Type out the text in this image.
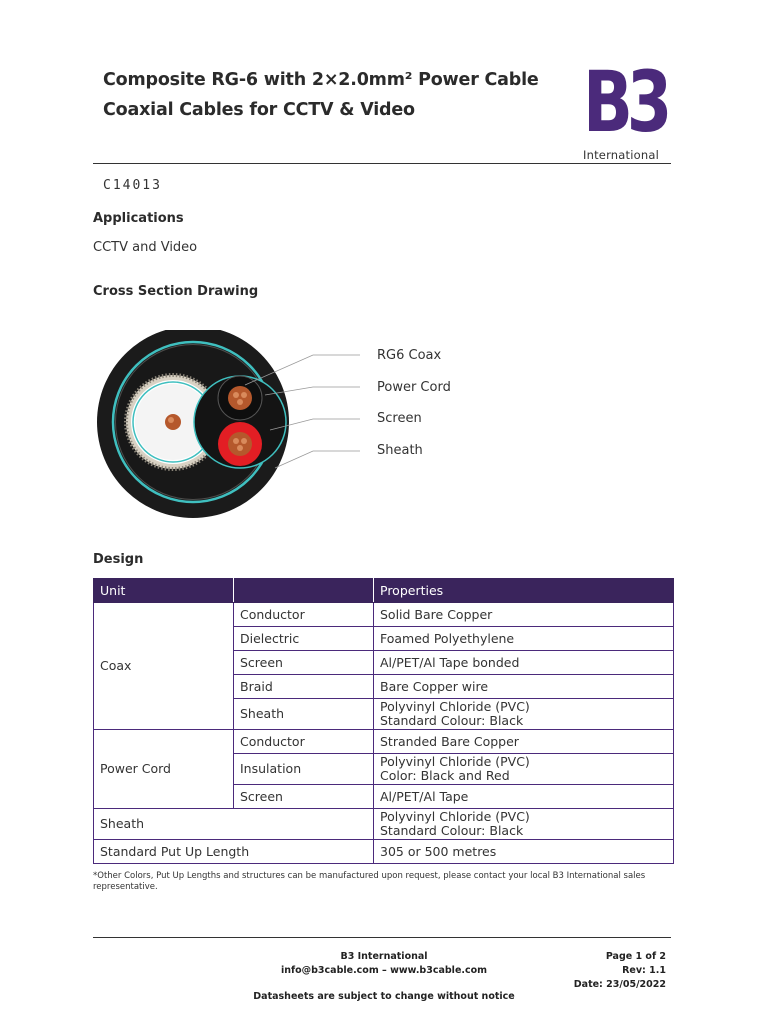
Composite RG-6 with 2×2.0mm² Power Cable
Coaxial Cables for CCTV & Video B3
International
C14013
Applications
CCTV and Video
Cross Section Drawing
RG6 Coax
Power Cord
Screen
Sheath
Design
Unit		Properties
Coax	Conductor	Solid Bare Copper
	Dielectric	Foamed Polyethylene
	Screen	Al/PET/Al Tape bonded
	Braid	Bare Copper wire
	Sheath	Polyvinyl Chloride (PVC)
Standard Colour: Black

Power Cord	Conductor	Stranded Bare Copper
	Insulation	Polyvinyl Chloride (PVC)
Color: Black and Red

	Screen	Al/PET/Al Tape
Sheath		Polyvinyl Chloride (PVC)
Standard Colour: Black

Standard Put Up Length		305 or 500 metres
*Other Colors, Put Up Lengths and structures can be manufactured upon request, please contact your local B3 International sales representative.
B3 International
info@b3cable.com – www.b3cable.com
Datasheets are subject to change without notice
Page 1 of 2
Rev: 1.1
Date: 23/05/2022
